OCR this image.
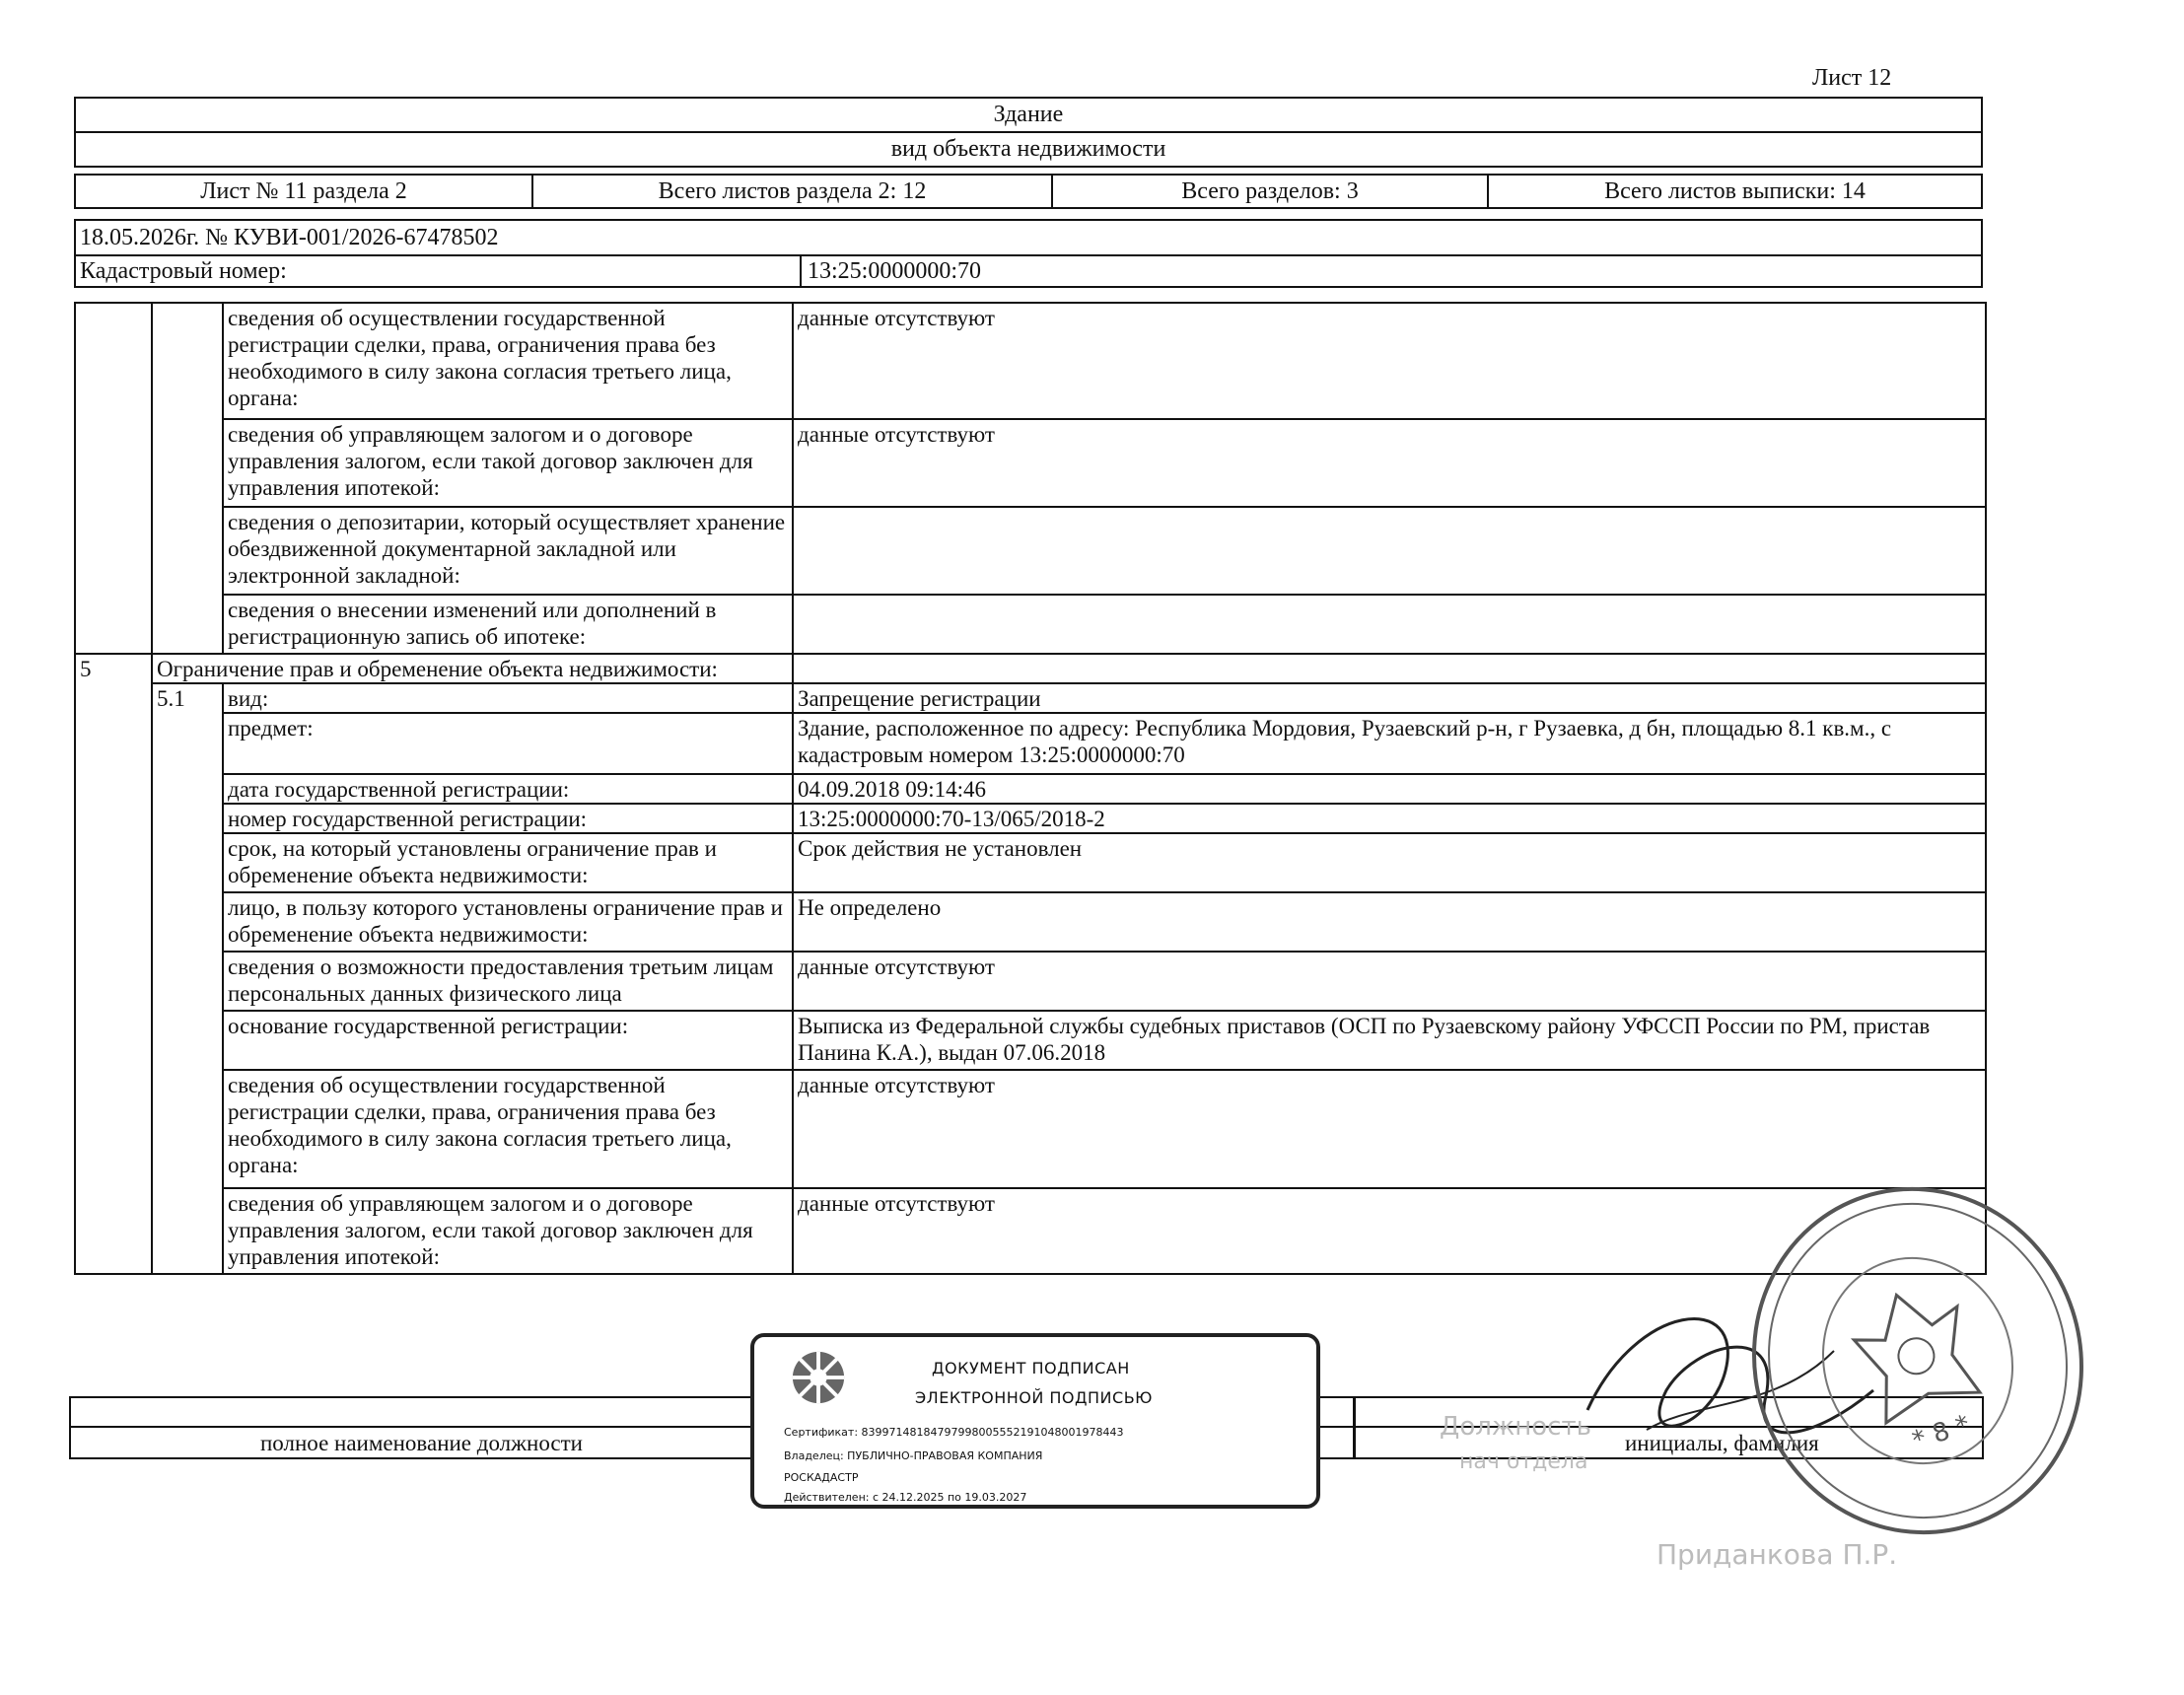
Лист 12
Здание
вид объекта недвижимости
Лист № 11 раздела 2	Всего листов раздела 2: 12	Всего разделов: 3	Всего листов выписки: 14
18.05.2026г. № КУВИ-001/2026-67478502
Кадастровый номер:	13:25:0000000:70
		сведения об осуществлении государственной регистрации сделки, права, ограничения права без необходимого в силу закона согласия третьего лица, органа:	данные отсутствуют
		сведения об управляющем залогом и о договоре управления залогом, если такой договор заключен для управления ипотекой:	данные отсутствуют
		сведения о депозитарии, который осуществляет хранение обездвиженной документарной закладной или электронной закладной:	
		сведения о внесении изменений или дополнений в регистрационную запись об ипотеке:	
5	Ограничение прав и обременение объекта недвижимости:		
	5.1	вид:	Запрещение регистрации
		предмет:	Здание, расположенное по адресу: Республика Мордовия, Рузаевский р-н, г Рузаевка, д бн, площадью 8.1 кв.м., с кадастровым номером 13:25:0000000:70
		дата государственной регистрации:	04.09.2018 09:14:46
		номер государственной регистрации:	13:25:0000000:70-13/065/2018-2
		срок, на который установлены ограничение прав и обременение объекта недвижимости:	Срок действия не установлен
		лицо, в пользу которого установлены ограничение прав и обременение объекта недвижимости:	Не определено
		сведения о возможности предоставления третьим лицам персональных данных физического лица	данные отсутствуют
		основание государственной регистрации:	Выписка из Федеральной службы судебных приставов (ОСП по Рузаевскому району УФССП России по РМ, пристав Панина К.А.), выдан 07.06.2018
		сведения об осуществлении государственной регистрации сделки, права, ограничения права без необходимого в силу закона согласия третьего лица, органа:	данные отсутствуют
		сведения об управляющем залогом и о договоре управления залогом, если такой договор заключен для управления ипотекой:	данные отсутствуют
полное наименование должности	инициалы, фамилия
Должность
нач отдела
Приданкова П.Р.
ДОКУМЕНТ ПОДПИСАН
ЭЛЕКТРОННОЙ ПОДПИСЬЮ
Сертификат: 83997148184797998005552191048001978443
Владелец: ПУБЛИЧНО-ПРАВОВАЯ КОМПАНИЯ
РОСКАДАСТР
Действителен: с 24.12.2025 по 19.03.2027
* 8 *
